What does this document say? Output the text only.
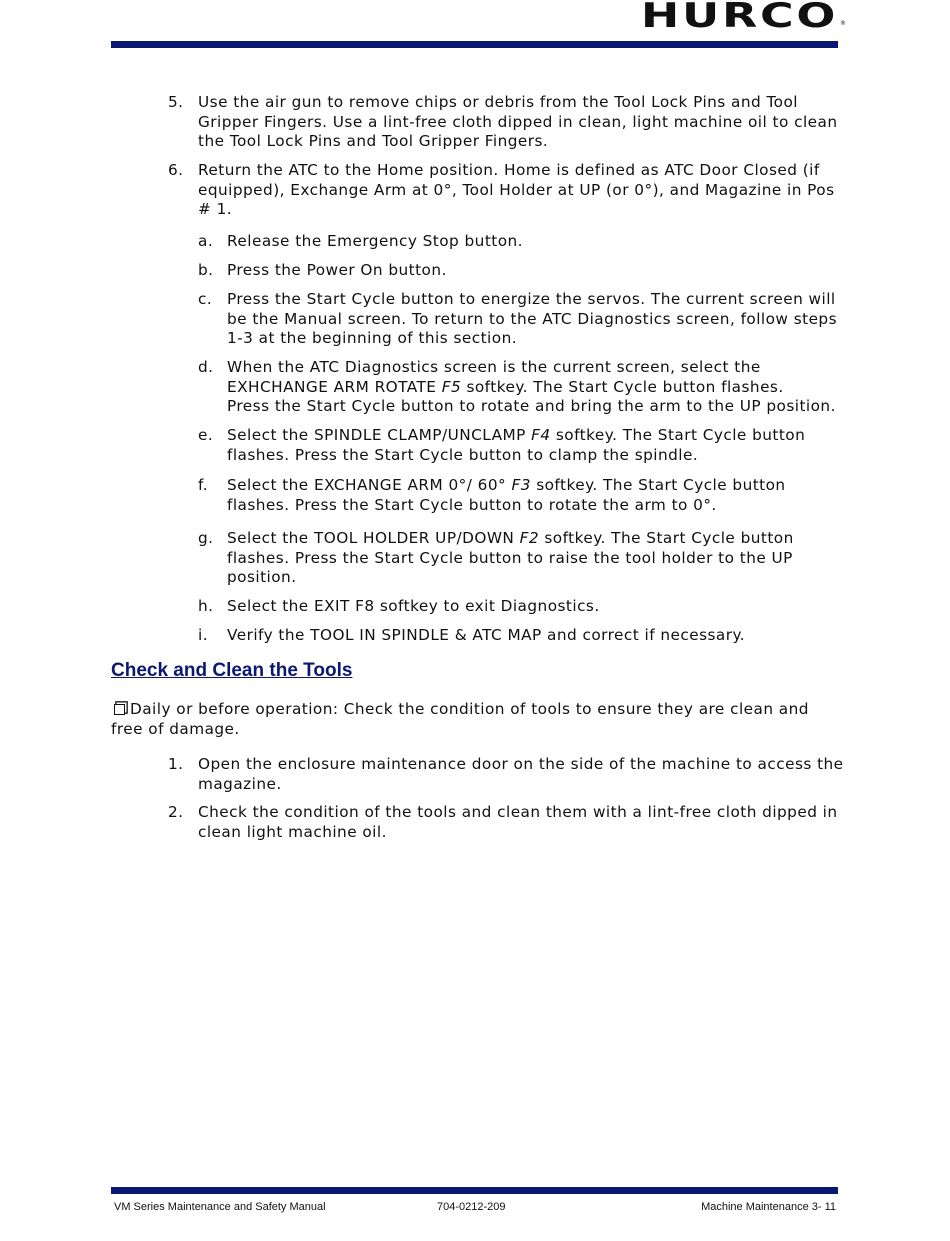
HURCO ®
5. Use the air gun to remove chips or debris from the Tool Lock Pins and Tool
Gripper Fingers. Use a lint-free cloth dipped in clean, light machine oil to clean
the Tool Lock Pins and Tool Gripper Fingers.
6. Return the ATC to the Home position. Home is defined as ATC Door Closed (if
equipped), Exchange Arm at 0°, Tool Holder at UP (or 0°), and Magazine in Pos
# 1.
a. Release the Emergency Stop button.
b. Press the Power On button.
c. Press the Start Cycle button to energize the servos. The current screen will
be the Manual screen. To return to the ATC Diagnostics screen, follow steps
1-3 at the beginning of this section.
d. When the ATC Diagnostics screen is the current screen, select the
EXHCHANGE ARM ROTATE F5 softkey. The Start Cycle button flashes.
Press the Start Cycle button to rotate and bring the arm to the UP position.
e. Select the SPINDLE CLAMP/UNCLAMP F4 softkey. The Start Cycle button
flashes. Press the Start Cycle button to clamp the spindle.
f. Select the EXCHANGE ARM 0°/ 60° F3 softkey. The Start Cycle button
flashes. Press the Start Cycle button to rotate the arm to 0°.
g. Select the TOOL HOLDER UP/DOWN F2 softkey. The Start Cycle button
flashes. Press the Start Cycle button to raise the tool holder to the UP
position.
h. Select the EXIT F8 softkey to exit Diagnostics.
i. Verify the TOOL IN SPINDLE & ATC MAP and correct if necessary.
1. Open the enclosure maintenance door on the side of the machine to access the
magazine.
2. Check the condition of the tools and clean them with a lint-free cloth dipped in
clean light machine oil.
Check and Clean the Tools
Daily or before operation: Check the condition of tools to ensure they are clean and
free of damage.
VM Series Maintenance and Safety Manual	704-0212-209	Machine Maintenance 3- 11
